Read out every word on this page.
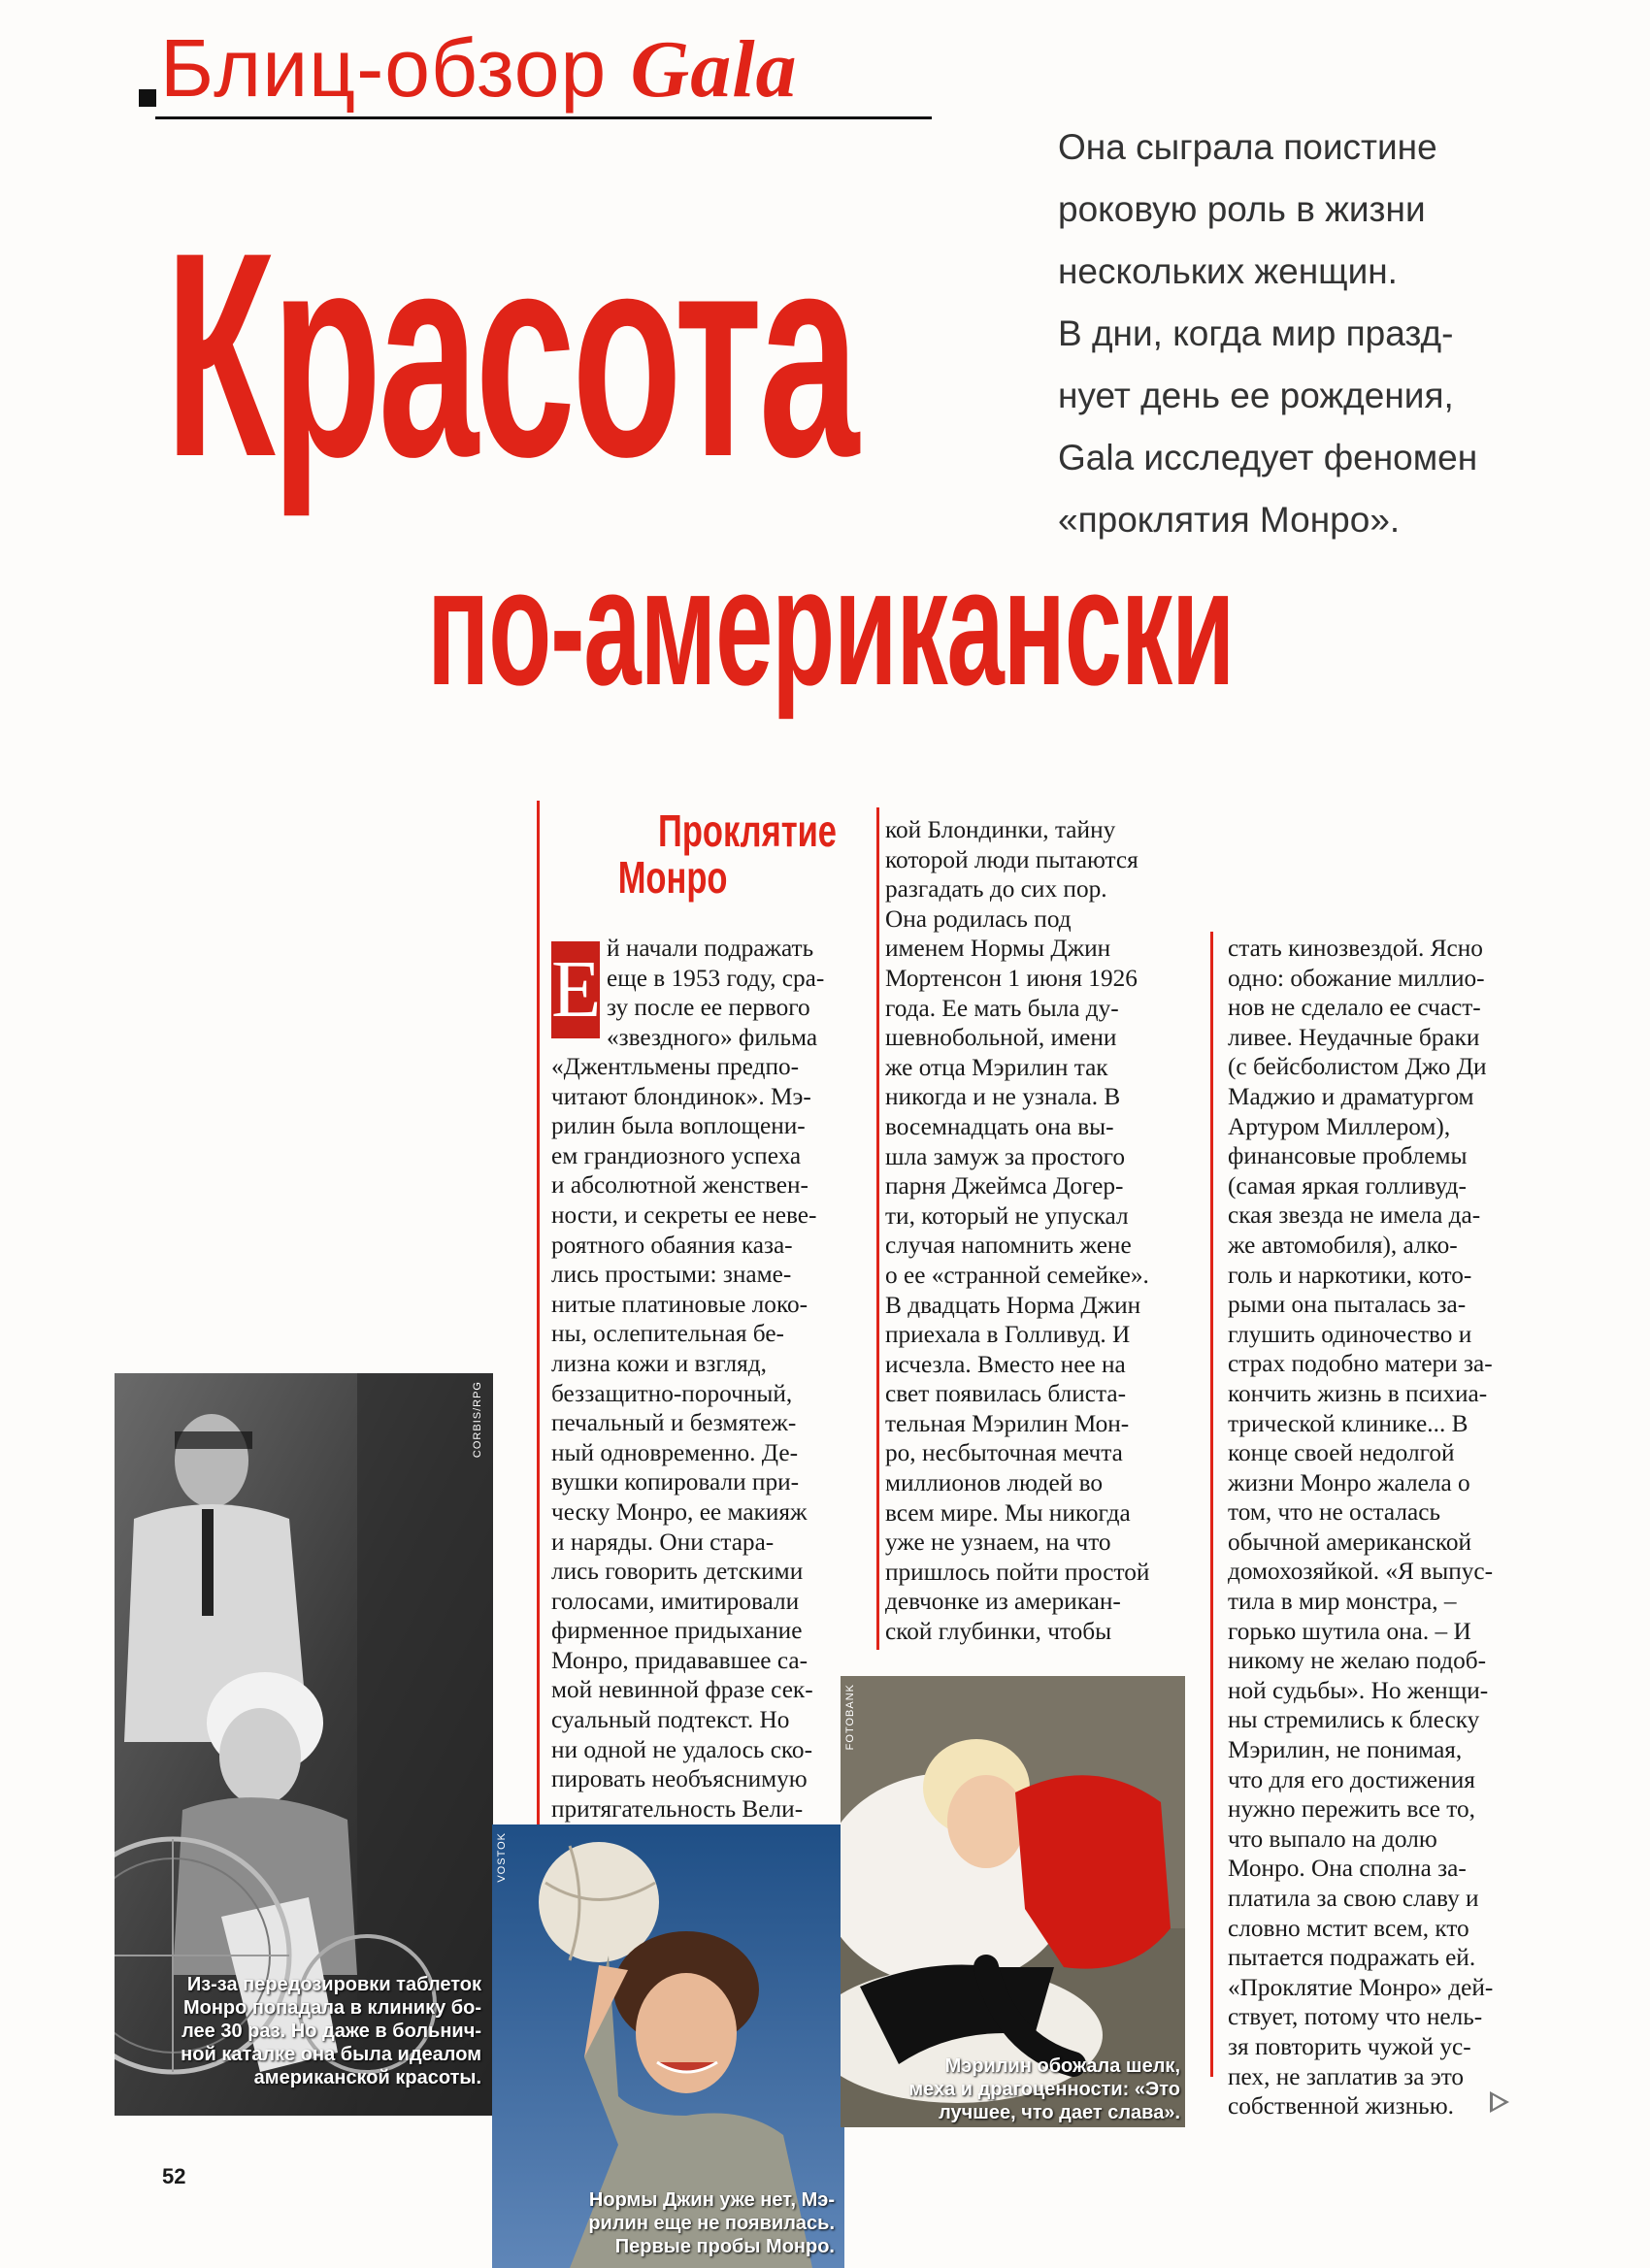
Блиц-обзор Gala
Красота
по-американски

Она сыграла поистине

роковую роль в жизни

нескольких женщин.

В дни, когда мир празд-

нует день ее рождения,

Gala исследует феномен

«проклятия Монро».

Проклятие
Монро
Е й начали подражать

еще в 1953 году, сра-

зу после ее первого

«звездного» фильма

«Джентльмены предпо-

читают блондинок». Мэ-

рилин была воплощени-

ем грандиозного успеха

и абсолютной женствен-

ности, и секреты ее неве-

роятного обаяния каза-

лись простыми: знаме-

нитые платиновые локо-

ны, ослепительная бе-

лизна кожи и взгляд,

беззащитно-порочный,

печальный и безмятеж-

ный одновременно. Де-

вушки копировали при-

ческу Монро, ее макияж

и наряды. Они стара-

лись говорить детскими

голосами, имитировали

фирменное придыхание

Монро, придававшее са-

мой невинной фразе сек-

суальный подтекст. Но

ни одной не удалось ско-

пировать необъяснимую

притягательность Вели-

кой Блондинки, тайну

которой люди пытаются

разгадать до сих пор.

Она родилась под

именем Нормы Джин

Мортенсон 1 июня 1926

года. Ее мать была ду-

шевнобольной, имени

же отца Мэрилин так

никогда и не узнала. В

восемнадцать она вы-

шла замуж за простого

парня Джеймса Догер-

ти, который не упускал

случая напомнить жене

о ее «странной семейке».

В двадцать Норма Джин

приехала в Голливуд. И

исчезла. Вместо нее на

свет появилась блиста-

тельная Мэрилин Мон-

ро, несбыточная мечта

миллионов людей во

всем мире. Мы никогда

уже не узнаем, на что

пришлось пойти простой

девчонке из американ-

ской глубинки, чтобы

стать кинозвездой. Ясно

одно: обожание миллио-

нов не сделало ее счаст-

ливее. Неудачные браки

(с бейсболистом Джо Ди

Маджио и драматургом

Артуром Миллером),

финансовые проблемы

(самая яркая голливуд-

ская звезда не имела да-

же автомобиля), алко-

голь и наркотики, кото-

рыми она пыталась за-

глушить одиночество и

страх подобно матери за-

кончить жизнь в психиа-

трической клинике... В

конце своей недолгой

жизни Монро жалела о

том, что не осталась

обычной американской

домохозяйкой. «Я выпус-

тила в мир монстра, –

горько шутила она. – И

никому не желаю подоб-

ной судьбы». Но женщи-

ны стремились к блеску

Мэрилин, не понимая,

что для его достижения

нужно пережить все то,

что выпало на долю

Монро. Она сполна за-

платила за свою славу и

словно мстит всем, кто

пытается подражать ей.

«Проклятие Монро» дей-

ствует, потому что нель-

зя повторить чужой ус-

пех, не заплатив за это

собственной жизнью.

CORBIS/RPG
Из-за передозировки таблеток
Монро попадала в клинику бо-
лее 30 раз. Но даже в больнич-
ной каталке она была идеалом
американской красоты.
VOSTOK
Нормы Джин уже нет, Мэ-
рилин еще не появилась.
Первые пробы Монро.
FOTOBANK
Мэрилин обожала шелк,
меха и драгоценности: «Это
лучшее, что дает слава».
52
